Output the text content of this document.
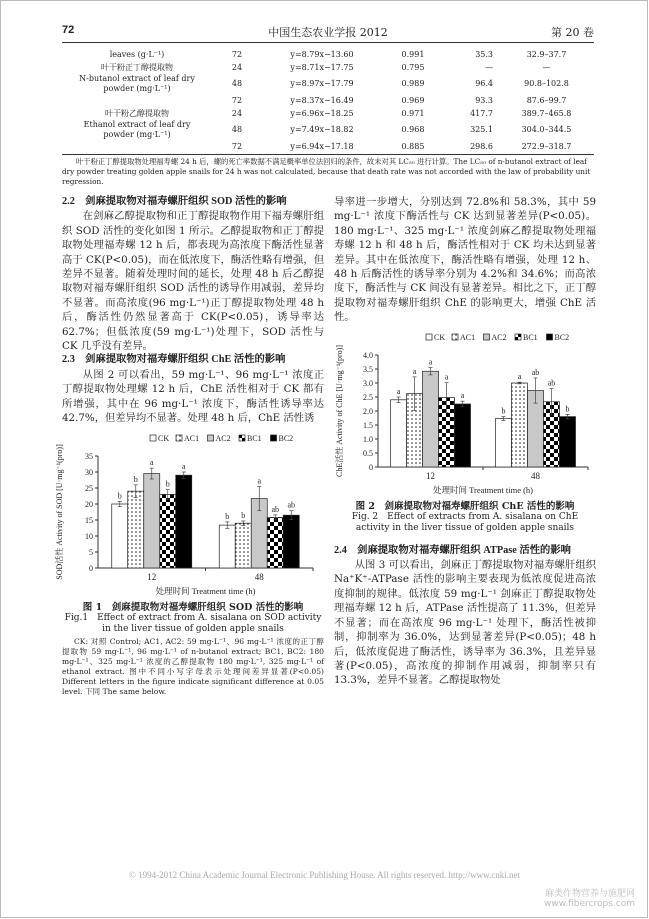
72	中国生态农业学报 2012	第 20 卷
leaves (g·L⁻¹)	72	y=8.79x−13.60	0.991	35.3	32.9–37.7

叶干粉正丁醇提取物	24	y=8.71x−17.75	0.795	—	—

N-butanol extract of leaf dry
powder (mg·L⁻¹)	48	y=8.97x−17.79	0.989	96.4	90.8–102.8

	72	y=8.37x−16.49	0.969	93.3	87.6–99.7

叶干粉乙醇提取物	24	y=6.96x−18.25	0.971	417.7	389.7–465.8

Ethanol extract of leaf dry
powder (mg·L⁻¹)	48	y=7.49x−18.82	0.968	325.1	304.0–344.5

	72	y=6.94x−17.18	0.885	298.6	272.9–318.7
叶干粉正丁醇提取物处理福寿螺 24 h 后，螺的死亡率数据不满足概率单位法回归的条件，故未对其 LC₅₀ 进行计算。The LC₅₀ of n-butanol extract of leaf dry powder treating golden apple snails for 24 h was not calculated, because that death rate was not accorded with the law of probability unit regression.

2.2　剑麻提取物对福寿螺肝组织 SOD 活性的影响

在剑麻乙醇提取物和正丁醇提取物作用下福寿螺肝组织 SOD 活性的变化如图 1 所示。乙醇提取物和正丁醇提取物处理福寿螺 12 h 后，都表现为高浓度下酶活性显著高于 CK(P<0.05)，而在低浓度下，酶活性略有增强，但差异不显著。随着处理时间的延长，处理 48 h 后乙醇提取物对福寿螺肝组织 SOD 活性的诱导作用减弱，差异均不显著。而高浓度(96 mg·L⁻¹)正丁醇提取物处理 48 h 后，酶活性仍然显著高于 CK(P<0.05)，诱导率达 62.7%；但低浓度(59 mg·L⁻¹)处理下，SOD 活性与 CK 几乎没有差异。

2.3　剑麻提取物对福寿螺肝组织 ChE 活性的影响

从图 2 可以看出，59 mg·L⁻¹、96 mg·L⁻¹ 浓度正丁醇提取物处理螺 12 h 后，ChE 活性相对于 CK 都有所增强，其中在 96 mg·L⁻¹ 浓度下，酶活性诱导率达 42.7%，但差异均不显著。处理 48 h 后，ChE 活性诱

0
5
10
15
20
25
30
35
12
b
b
a
b
a
48
b b
a
ab ab
CK AC1 AC2 BC1 BC2
处理时间 Treatment time (h)
SOD活性 Activity of SOD [U·mg⁻¹(pro)]
图 1　剑麻提取物对福寿螺肝组织 SOD 活性的影响
Fig.1　Effect of extract from A. sisalana on SOD activity in the liver tissue of golden apple snails
CK: 对照 Control; AC1, AC2: 59 mg·L⁻¹、96 mg·L⁻¹ 浓度的正丁醇提取物 59 mg·L⁻¹, 96 mg·L⁻¹ of n-butanol extract; BC1, BC2: 180 mg·L⁻¹、325 mg·L⁻¹ 浓度的乙醇提取物 180 mg·L⁻¹, 325 mg·L⁻¹ of ethanol extract. 图中不同小写字母表示处理间差异显著(P<0.05) Different letters in the figure indicate significant difference at 0.05 level. 下同 The same below.

导率进一步增大，分别达到 72.8%和 58.3%，其中 59 mg·L⁻¹ 浓度下酶活性与 CK 达到显著差异(P<0.05)。180 mg·L⁻¹、325 mg·L⁻¹ 浓度剑麻乙醇提取物处理福寿螺 12 h 和 48 h 后，酶活性相对于 CK 均未达到显著差异。其中在低浓度下，酶活性略有增强，处理 12 h、48 h 后酶活性的诱导率分别为 4.2%和 34.6%；而高浓度下，酶活性与 CK 间没有显著差异。相比之下，正丁醇提取物对福寿螺肝组织 ChE 的影响更大，增强 ChE 活性。

0
0.5
1.0
1.5
2.0
2.5
3.0
3.5
4.0
12
a
a
a
a
a
48
b
a ab
ab
b
CK AC1 AC2 BC1 BC2
处理时间 Treatment time (h)
ChE活性 Activity of ChE [U·mg⁻¹(pro)]
图 2　剑麻提取物对福寿螺肝组织 ChE 活性的影响
Fig. 2　Effect of extracts from A. sisalana on ChE activity in the liver tissue of golden apple snails

2.4　剑麻提取物对福寿螺肝组织 ATPase 活性的影响

从图 3 可以看出，剑麻正丁醇提取物对福寿螺肝组织 Na⁺K⁺-ATPase 活性的影响主要表现为低浓度促进高浓度抑制的规律。低浓度 59 mg·L⁻¹ 剑麻正丁醇提取物处理福寿螺 12 h 后，ATPase 活性提高了 11.3%，但差异不显著；而在高浓度 96 mg·L⁻¹ 处理下，酶活性被抑制，抑制率为 36.0%，达到显著差异(P<0.05)；48 h 后，低浓度促进了酶活性，诱导率为 36.3%，且差异显著(P<0.05)，高浓度的抑制作用减弱，抑制率只有 13.3%，差异不显著。乙醇提取物处

© 1994-2012 China Academic Journal Electronic Publishing House. All rights reserved. http://www.cnki.net
麻类作物营养与施肥网
www.fibercrops.com
